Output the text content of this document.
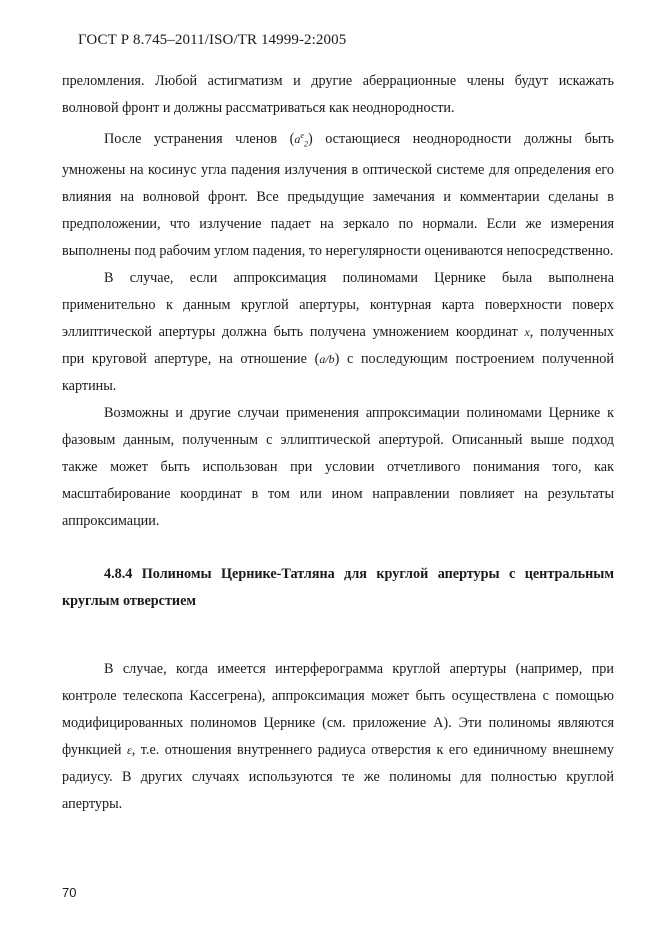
ГОСТ Р 8.745–2011/ISO/TR 14999-2:2005

преломления. Любой астигматизм и другие аберрационные члены будут искажать волновой фронт и должны рассматриваться как неоднородности.

После устранения членов $(a^e_2)$ остающиеся неоднородности должны быть умножены на косинус угла падения излучения в оптической системе для определения его влияния на волновой фронт. Все предыдущие замечания и комментарии сделаны в предположении, что излучение падает на зеркало по нормали. Если же измерения выполнены под рабочим углом падения, то нерегулярности оцениваются непосредственно.

В случае, если аппроксимация полиномами Цернике была выполнена применительно к данным круглой апертуры, контурная карта поверхности поверх эллиптической апертуры должна быть получена умножением координат x, полученных при круговой апертуре, на отношение (a/b) с последующим построением полученной картины.

Возможны и другие случаи применения аппроксимации полиномами Цернике к фазовым данным, полученным с эллиптической апертурой. Описанный выше подход также может быть использован при условии отчетливого понимания того, как масштабирование координат в том или ином направлении повлияет на результаты аппроксимации.

4.8.4 Полиномы Цернике-Татляна для круглой апертуры с центральным круглым отверстием

В случае, когда имеется интерферограмма круглой апертуры (например, при контроле телескопа Кассегрена), аппроксимация может быть осуществлена с помощью модифицированных полиномов Цернике (см. приложение А). Эти полиномы являются функцией ε, т.е. отношения внутреннего радиуса отверстия к его единичному внешнему радиусу. В других случаях используются те же полиномы для полностью круглой апертуры.

70
